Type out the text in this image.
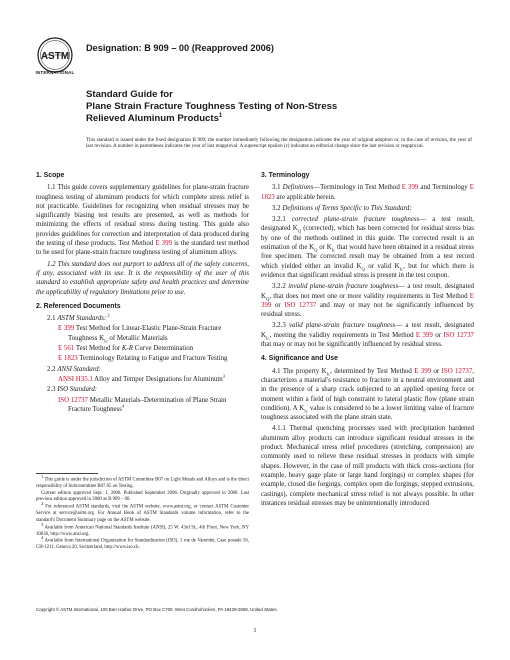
ASTM
INTERNATIONAL
Designation: B 909 – 00 (Reapproved 2006)
Standard Guide for
Plane Strain Fracture Toughness Testing of Non-Stress
Relieved Aluminum Products$^1$
This standard is issued under the fixed designation B 909; the number immediately following the designation indicates the year of original adoption or, in the case of revision, the year of last revision. A number in parentheses indicates the year of last reapproval. A superscript epsilon (ε) indicates an editorial change since the last revision or reapproval.
1. Scope
1.1 This guide covers supplementary guidelines for plane-strain fracture toughness testing of aluminum products for which complete stress relief is not practicable. Guidelines for recognizing when residual stresses may be significantly biasing test results are presented, as well as methods for minimizing the effects of residual stress during testing. This guide also provides guidelines for correction and interpretation of data produced during the testing of these products. Test Method E 399 is the standard test method to be used for plane-strain fracture toughness testing of aluminum alloys.
1.2 This standard does not purport to address all of the safety concerns, if any, associated with its use. It is the responsibility of the user of this standard to establish appropriate safety and health practices and determine the applicability of regulatory limitations prior to use.
2. Referenced Documents
2.1 ASTM Standards: $^2$
E 399 Test Method for Linear-Elastic Plane-Strain Fracture Toughness $K_{Ic}$ of Metallic Materials
E 561 Test Method for K-R Curve Determination
E 1823 Terminology Relating to Fatigue and Fracture Testing
2.2 ANSI Standard:
ANSI H35.1 Alloy and Temper Designations for Aluminum$^3$
2.3 ISO Standard:
ISO 12737 Metallic Materials–Determination of Plane Strain Fracture Toughness$^4$
$^1$ This guide is under the jurisdiction of ASTM Committee B07 on Light Metals and Alloys and is the direct responsibility of Subcommittee B07.05 on Testing.
Current edition approved Sept. 1, 2006. Published September 2006. Originally approved in 2000. Last previous edition approved in 2000 as B 909 – 00.
$^2$ For referenced ASTM standards, visit the ASTM website, www.astm.org, or contact ASTM Customer Service at service@astm.org. For Annual Book of ASTM Standards volume information, refer to the standard's Document Summary page on the ASTM website.
$^3$ Available from American National Standards Institute (ANSI), 25 W. 43rd St., 4th Floor, New York, NY 10036, http://www.ansi.org.
$^4$ Available from International Organization for Standardization (ISO), 1 rue de Varembé, Case postale 56, CH-1211, Geneva 20, Switzerland, http://www.iso.ch.
3. Terminology
3.1 Definitions—Terminology in Test Method E 399 and Terminology E 1823 are applicable herein.
3.2 Definitions of Terms Specific to This Standard:
3.2.1 corrected plane-strain fracture toughness— a test result, designated $K_Q$ (corrected), which has been corrected for residual stress bias by one of the methods outlined in this guide. The corrected result is an estimation of the $K_Q$ or $K_{Ic}$ that would have been obtained in a residual stress free specimen. The corrected result may be obtained from a test record which yielded either an invalid $K_Q$ or valid $K_{Ic}$, but for which there is evidence that significant residual stress is present in the test coupon.
3.2.2 invalid plane-strain fracture toughness— a test result, designated $K_Q$, that does not meet one or more validity requirements in Test Method E 399 or ISO 12737 and may or may not be significantly influenced by residual stress.
3.2.3 valid plane-strain fracture toughness— a test result, designated $K_{Ic}$, meeting the validity requirements in Test Method E 399 or ISO 12737 that may or may not be significantly influenced by residual stress.
4. Significance and Use
4.1 The property $K_{Ic}$, determined by Test Method E 399 or ISO 12737, characterizes a material's resistance to fracture in a neutral environment and in the presence of a sharp crack subjected to an applied opening force or moment within a field of high constraint to lateral plastic flow (plane strain condition). A $K_{Ic}$ value is considered to be a lower limiting value of fracture toughness associated with the plane strain state.
4.1.1 Thermal quenching processes used with precipitation hardened aluminum alloy products can introduce significant residual stresses in the product. Mechanical stress relief procedures (stretching, compression) are commonly used to relieve these residual stresses in products with simple shapes. However, in the case of mill products with thick cross-sections (for example, heavy gage plate or large hand forgings) or complex shapes (for example, closed die forgings, complex open die forgings, stepped extrusions, castings), complete mechanical stress relief is not always possible. In other instances residual stresses may be unintentionally introduced
Copyright © ASTM International, 100 Barr Harbor Drive, PO Box C700, West Conshohocken, PA 19428-2959, United States.
1
